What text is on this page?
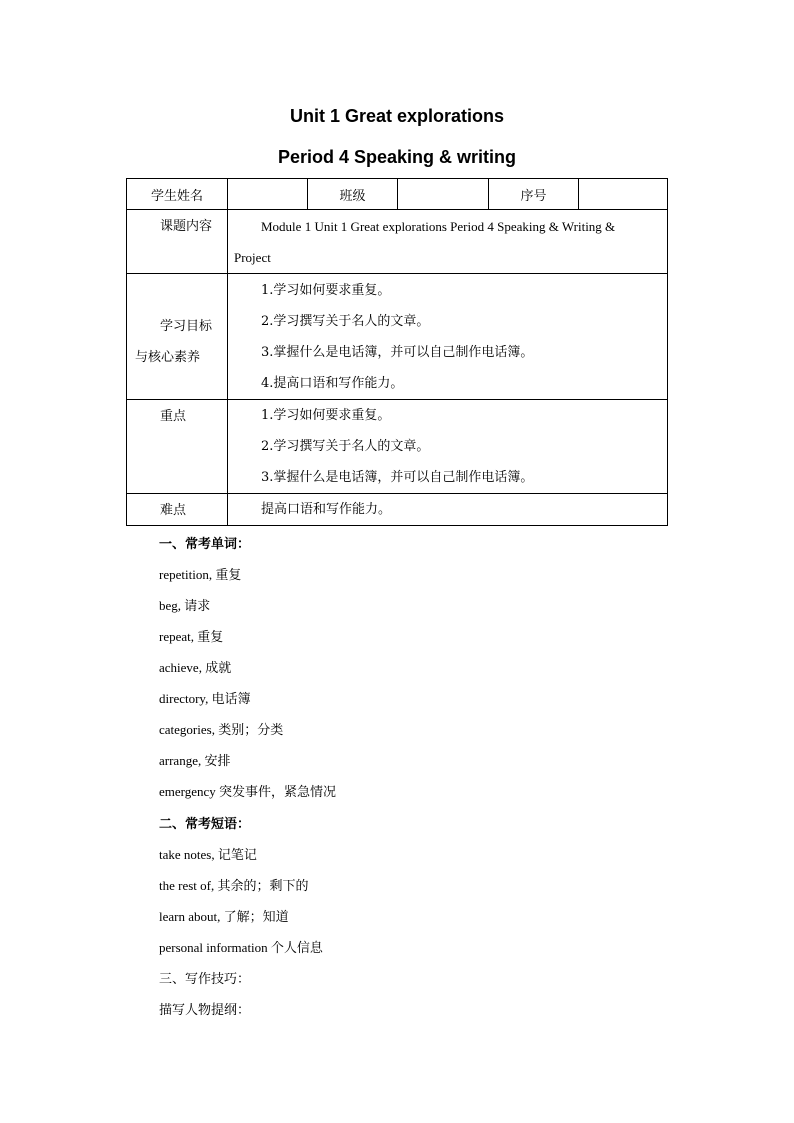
Unit 1 Great explorations
Period 4 Speaking & writing
学生姓名		班级		序号	
课题内容	Module 1 Unit 1 Great explorations Period 4 Speaking & Writing &
Project				

学习目标
与核心素养	1.学习如何要求重复。
2.学习撰写关于名人的文章。
3.掌握什么是电话簿，并可以自己制作电话簿。
4.提高口语和写作能力。				

重点	1.学习如何要求重复。
2.学习撰写关于名人的文章。
3.掌握什么是电话簿，并可以自己制作电话簿。				

难点	提高口语和写作能力。				
一、常考单词：
repetition, 重复
beg, 请求
repeat, 重复
achieve, 成就
directory, 电话簿
categories, 类别；分类
arrange, 安排
emergency 突发事件，紧急情况
二、常考短语：
take notes, 记笔记
the rest of, 其余的；剩下的
learn about, 了解；知道
personal information 个人信息
三、写作技巧：
描写人物提纲：
